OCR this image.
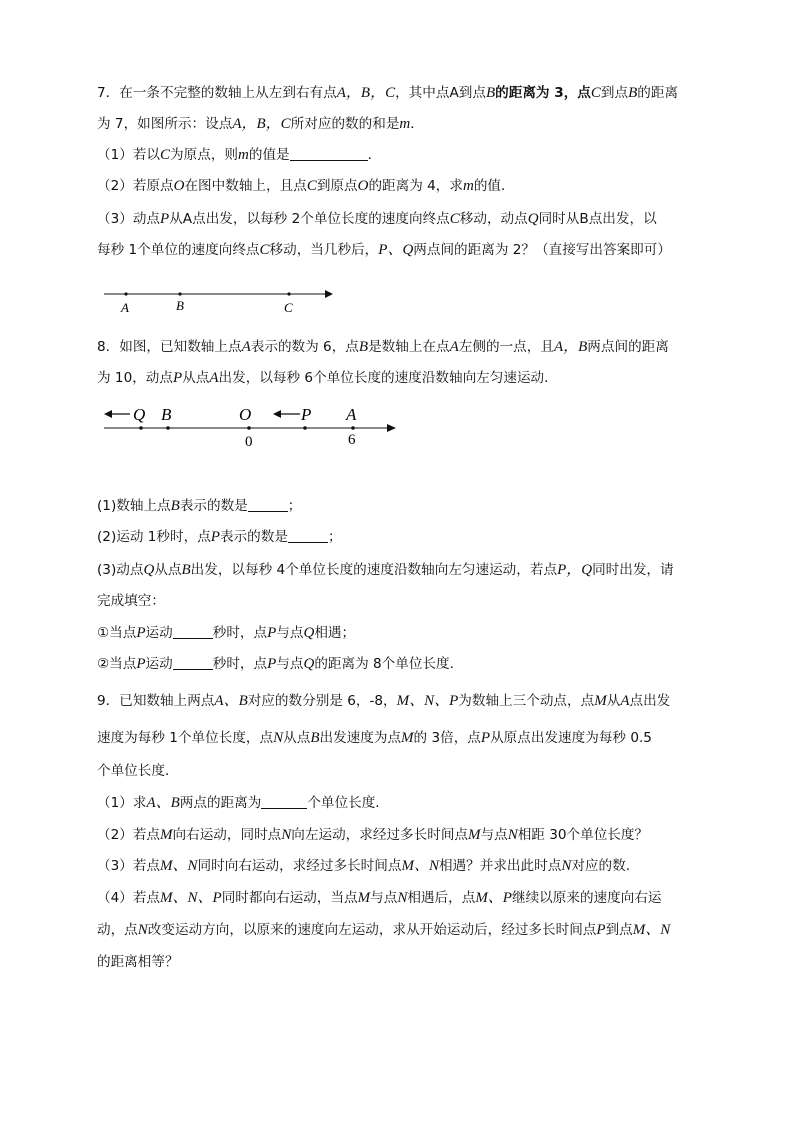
7．在一条不完整的数轴上从左到右有点A，B，C，其中点A到点B的距离为 3，点C到点B的距离
为 7，如图所示：设点A，B，C所对应的数的和是m．
（1）若以C为原点，则m的值是	．
（2）若原点O在图中数轴上，且点C到原点O的距离为 4，求m的值．
（3）动点P从A点出发，以每秒 2个单位长度的速度向终点C移动，动点Q同时从B点出发，以
每秒 1个单位的速度向终点C移动，当几秒后，P、Q两点间的距离为 2？（直接写出答案即可）
A	B	C
Q B	O	P A
0	6
8．如图，已知数轴上点A表示的数为 6，点B是数轴上在点A左侧的一点，且A，B两点间的距离
为 10，动点P从点A出发，以每秒 6个单位长度的速度沿数轴向左匀速运动．
(1)数轴上点B表示的数是	；
(2)运动 1秒时，点P表示的数是	；
(3)动点Q从点B出发，以每秒 4个单位长度的速度沿数轴向左匀速运动，若点P，Q同时出发，请
完成填空：
①当点P运动	秒时，点P与点Q相遇；
②当点P运动	秒时，点P与点Q的距离为 8个单位长度．
9．已知数轴上两点A、B对应的数分别是 6，-8，M、N、P为数轴上三个动点，点M从A点出发
速度为每秒 1个单位长度，点N从点B出发速度为点M的 3倍，点P从原点出发速度为每秒 0.5
个单位长度．
（1）求A、B两点的距离为	个单位长度．
（2）若点M向右运动，同时点N向左运动，求经过多长时间点M与点N相距 30个单位长度？
（3）若点M、N同时向右运动，求经过多长时间点M、N相遇？并求出此时点N对应的数．
（4）若点M、N、P同时都向右运动，当点M与点N相遇后，点M、P继续以原来的速度向右运
动，点N改变运动方向，以原来的速度向左运动，求从开始运动后，经过多长时间点P到点M、N
的距离相等？
